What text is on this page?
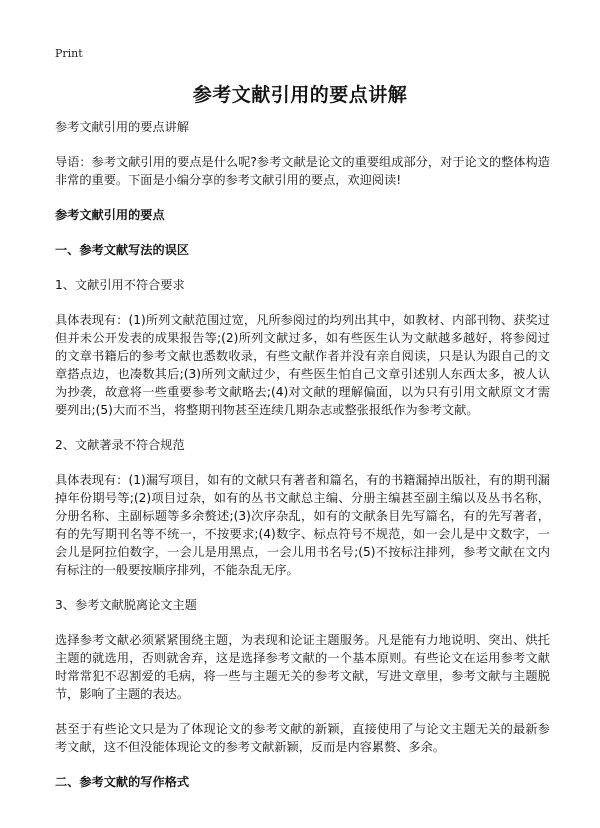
Print
参考文献引用的要点讲解

参考文献引用的要点讲解

导语：参考文献引用的要点是什么呢?参考文献是论文的重要组成部分，对于论文的整体构造非常的重要。下面是小编分享的参考文献引用的要点，欢迎阅读!

参考文献引用的要点

一、参考文献写法的误区

1、文献引用不符合要求

具体表现有：(1)所列文献范围过宽，凡所参阅过的均列出其中，如教材、内部刊物、获奖过但并未公开发表的成果报告等;(2)所列文献过多，如有些医生认为文献越多越好，将参阅过的文章书籍后的参考文献也悉数收录，有些文献作者并没有亲自阅读，只是认为跟自己的文章搭点边，也凑数其后;(3)所列文献过少，有些医生怕自己文章引述别人东西太多，被人认为抄袭，故意将一些重要参考文献略去;(4)对文献的理解偏面，以为只有引用文献原文才需要列出;(5)大而不当，将整期刊物甚至连续几期杂志或整张报纸作为参考文献。

2、文献著录不符合规范

具体表现有：(1)漏写项目，如有的文献只有著者和篇名，有的书籍漏掉出版社，有的期刊漏掉年份期号等;(2)项目过杂，如有的丛书文献总主编、分册主编甚至副主编以及丛书名称，分册名称、主副标题等多余赘述;(3)次序杂乱，如有的文献条目先写篇名，有的先写著者，有的先写期刊名等不统一，不按要求;(4)数字、标点符号不规范，如一会儿是中文数字，一会儿是阿拉伯数字，一会儿是用黑点，一会儿用书名号;(5)不按标注排列，参考文献在文内有标注的一般要按顺序排列，不能杂乱无序。

3、参考文献脱离论文主题

选择参考文献必须紧紧围绕主题，为表现和论证主题服务。凡是能有力地说明、突出、烘托主题的就选用，否则就舍弃，这是选择参考文献的一个基本原则。有些论文在运用参考文献时常常犯不忍割爱的毛病，将一些与主题无关的参考文献，写进文章里，参考文献与主题脱节，影响了主题的表达。

甚至于有些论文只是为了体现论文的参考文献的新颖，直接使用了与论文主题无关的最新参考文献，这不但没能体现论文的参考文献新颖，反而是内容累赘、多余。

二、参考文献的写作格式
